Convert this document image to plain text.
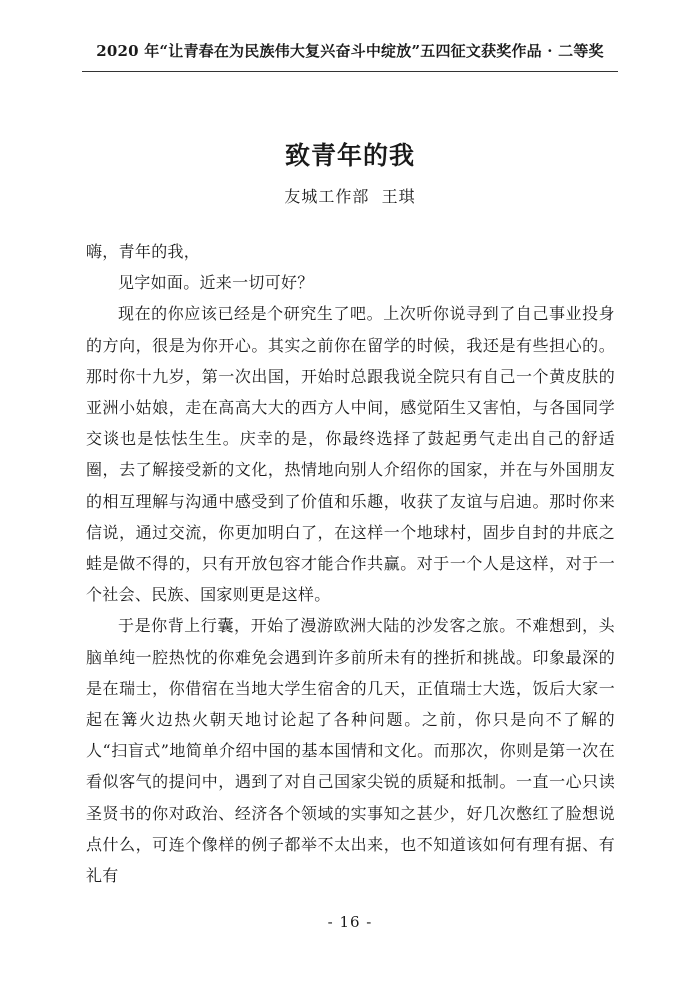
2020 年“让青春在为民族伟大复兴奋斗中绽放”五四征文获奖作品 · 二等奖
致青年的我
友城工作部  王琪

嗨，青年的我，

见字如面。近来一切可好？

现在的你应该已经是个研究生了吧。上次听你说寻到了自己事业投身的方向，很是为你开心。其实之前你在留学的时候，我还是有些担心的。那时你十九岁，第一次出国，开始时总跟我说全院只有自己一个黄皮肤的亚洲小姑娘，走在高高大大的西方人中间，感觉陌生又害怕，与各国同学交谈也是怯怯生生。庆幸的是，你最终选择了鼓起勇气走出自己的舒适圈，去了解接受新的文化，热情地向别人介绍你的国家，并在与外国朋友的相互理解与沟通中感受到了价值和乐趣，收获了友谊与启迪。那时你来信说，通过交流，你更加明白了，在这样一个地球村，固步自封的井底之蛙是做不得的，只有开放包容才能合作共赢。对于一个人是这样，对于一个社会、民族、国家则更是这样。

于是你背上行囊，开始了漫游欧洲大陆的沙发客之旅。不难想到，头脑单纯一腔热忱的你难免会遇到许多前所未有的挫折和挑战。印象最深的是在瑞士，你借宿在当地大学生宿舍的几天，正值瑞士大选，饭后大家一起在篝火边热火朝天地讨论起了各种问题。之前，你只是向不了解的人“扫盲式”地简单介绍中国的基本国情和文化。而那次，你则是第一次在看似客气的提问中，遇到了对自己国家尖锐的质疑和抵制。一直一心只读圣贤书的你对政治、经济各个领域的实事知之甚少，好几次憋红了脸想说点什么，可连个像样的例子都举不太出来，也不知道该如何有理有据、有礼有

- 16 -
